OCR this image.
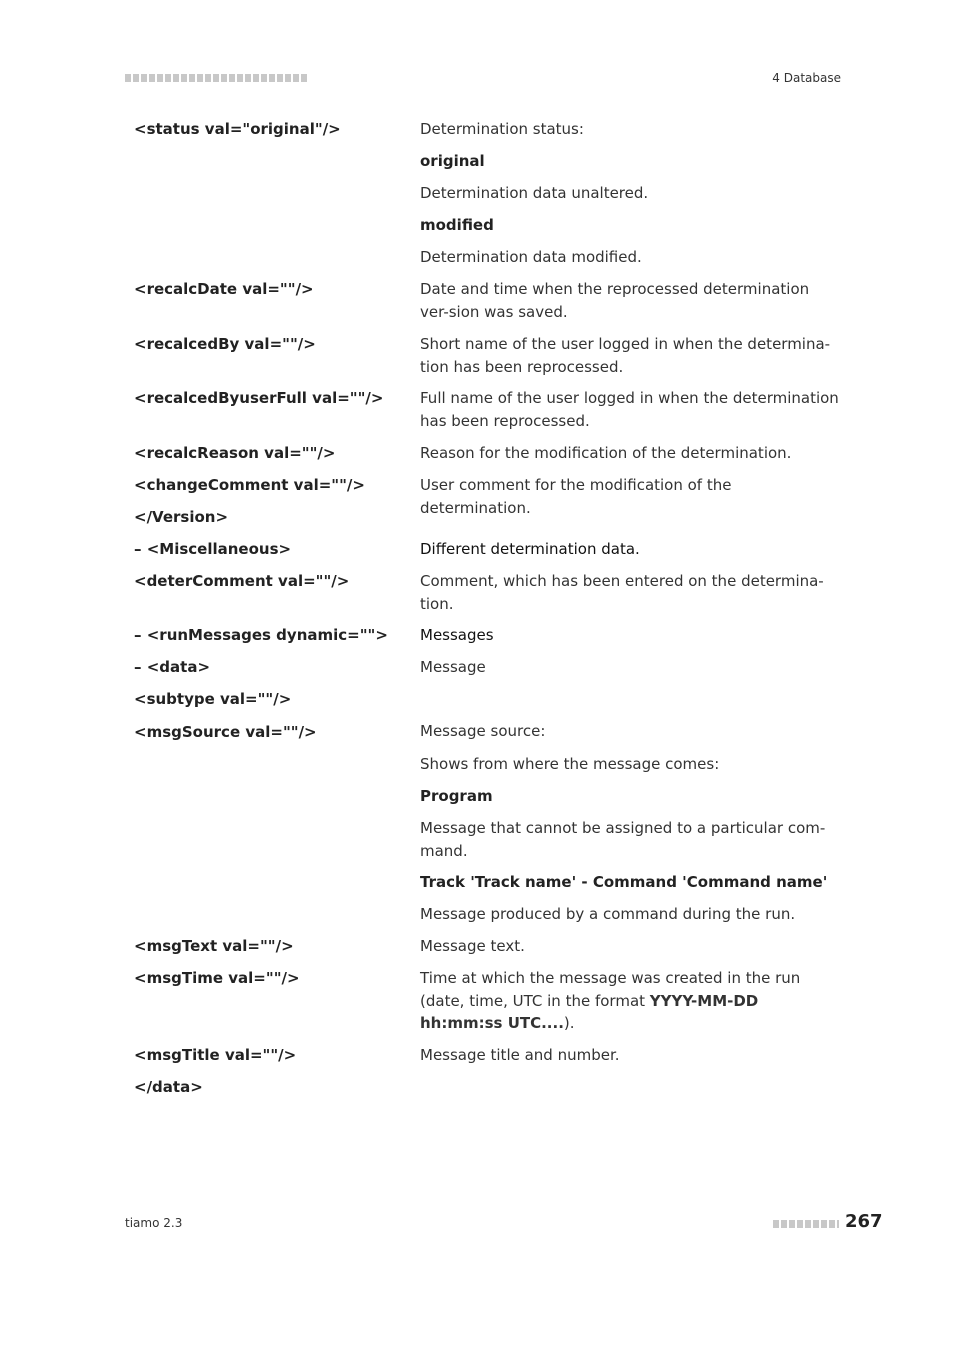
4 Database
<status val="original"/>	Determination status:
original
Determination data unaltered.
modified
Determination data modified.
<recalcDate val=""/>	Date and time when the reprocessed determination ver-sion was saved.
<recalcedBy val=""/>	Short name of the user logged in when the determina-tion has been reprocessed.
<recalcedByuserFull val=""/>	Full name of the user logged in when the determination has been reprocessed.
<recalcReason val=""/>	Reason for the modification of the determination.
<changeComment val=""/>	User comment for the modification of the determination.
</Version>
– <Miscellaneous>	Different determination data.
<deterComment val=""/>	Comment, which has been entered on the determina-tion.
– <runMessages dynamic="">	Messages
– <data>	Message
<subtype val=""/>
<msgSource val=""/>	Message source:
Shows from where the message comes:
Program
Message that cannot be assigned to a particular com-mand.
Track 'Track name' - Command 'Command name'
Message produced by a command during the run.
<msgText val=""/>	Message text.
<msgTime val=""/>	Time at which the message was created in the run (date, time, UTC in the format YYYY-MM-DD hh:mm:ss UTC....).
<msgTitle val=""/>	Message title and number.
</data>
tiamo 2.3	267
